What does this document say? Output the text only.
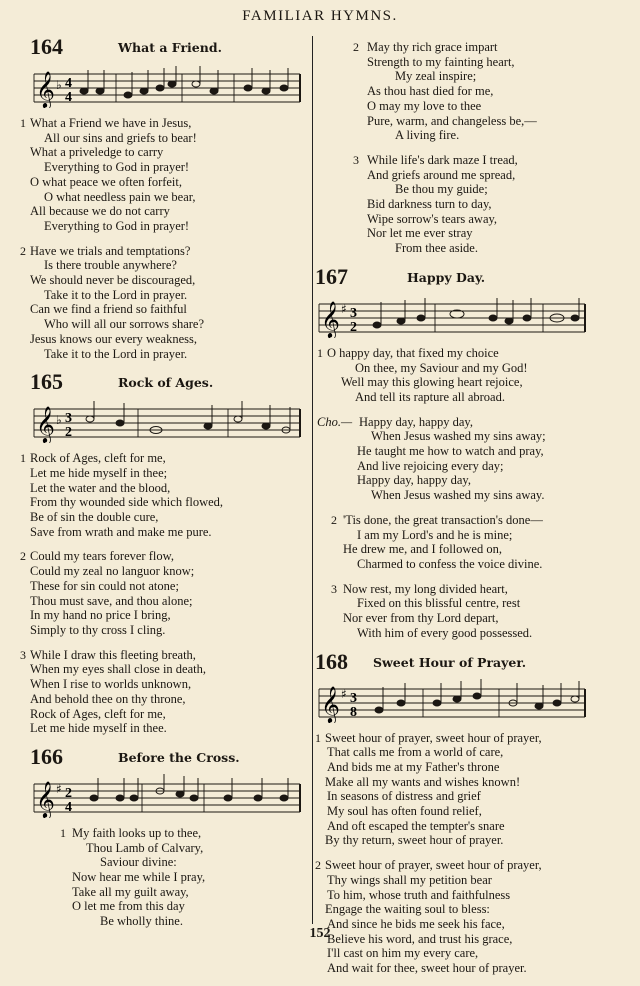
FAMILIAR HYMNS.
164	What a Friend.
𝄞 ♭ 4
4
1 What a Friend we have in Jesus,
All our sins and griefs to bear!
What a priveledge to carry
Everything to God in prayer!
O what peace we often forfeit,
O what needless pain we bear,
All because we do not carry
Everything to God in prayer!
2 Have we trials and temptations?
Is there trouble anywhere?
We should never be discouraged,
Take it to the Lord in prayer.
Can we find a friend so faithful
Who will all our sorrows share?
Jesus knows our every weakness,
Take it to the Lord in prayer.
165	Rock of Ages.
𝄞 ♭ 3
2
1 Rock of Ages, cleft for me,
Let me hide myself in thee;
Let the water and the blood,
From thy wounded side which flowed,
Be of sin the double cure,
Save from wrath and make me pure.
2 Could my tears forever flow,
Could my zeal no languor know;
These for sin could not atone;
Thou must save, and thou alone;
In my hand no price I bring,
Simply to thy cross I cling.
3 While I draw this fleeting breath,
When my eyes shall close in death,
When I rise to worlds unknown,
And behold thee on thy throne,
Rock of Ages, cleft for me,
Let me hide myself in thee.
166	Before the Cross.
𝄞 ♯ 2
4
1 My faith looks up to thee,
Thou Lamb of Calvary,
Saviour divine:
Now hear me while I pray,
Take all my guilt away,
O let me from this day
Be wholly thine.
2 May thy rich grace impart
Strength to my fainting heart,
My zeal inspire;
As thou hast died for me,
O may my love to thee
Pure, warm, and changeless be,—
A living fire.
3 While life's dark maze I tread,
And griefs around me spread,
Be thou my guide;
Bid darkness turn to day,
Wipe sorrow's tears away,
Nor let me ever stray
From thee aside.
167	Happy Day.
𝄞 ♯ 3
2
1 O happy day, that fixed my choice
On thee, my Saviour and my God!
Well may this glowing heart rejoice,
And tell its rapture all abroad.
Cho.— Happy day, happy day,
When Jesus washed my sins away;
He taught me how to watch and pray,
And live rejoicing every day;
Happy day, happy day,
When Jesus washed my sins away.
2 'Tis done, the great transaction's done—
I am my Lord's and he is mine;
He drew me, and I followed on,
Charmed to confess the voice divine.
3 Now rest, my long divided heart,
Fixed on this blissful centre, rest
Nor ever from thy Lord depart,
With him of every good possessed.
168 Sweet Hour of Prayer.
𝄞 ♯ 3
8
1 Sweet hour of prayer, sweet hour of prayer,
That calls me from a world of care,
And bids me at my Father's throne
Make all my wants and wishes known!
In seasons of distress and grief
My soul has often found relief,
And oft escaped the tempter's snare
By thy return, sweet hour of prayer.
2 Sweet hour of prayer, sweet hour of prayer,
Thy wings shall my petition bear
To him, whose truth and faithfulness
Engage the waiting soul to bless:
And since he bids me seek his face,
Believe his word, and trust his grace,
I'll cast on him my every care,
And wait for thee, sweet hour of prayer.
152
